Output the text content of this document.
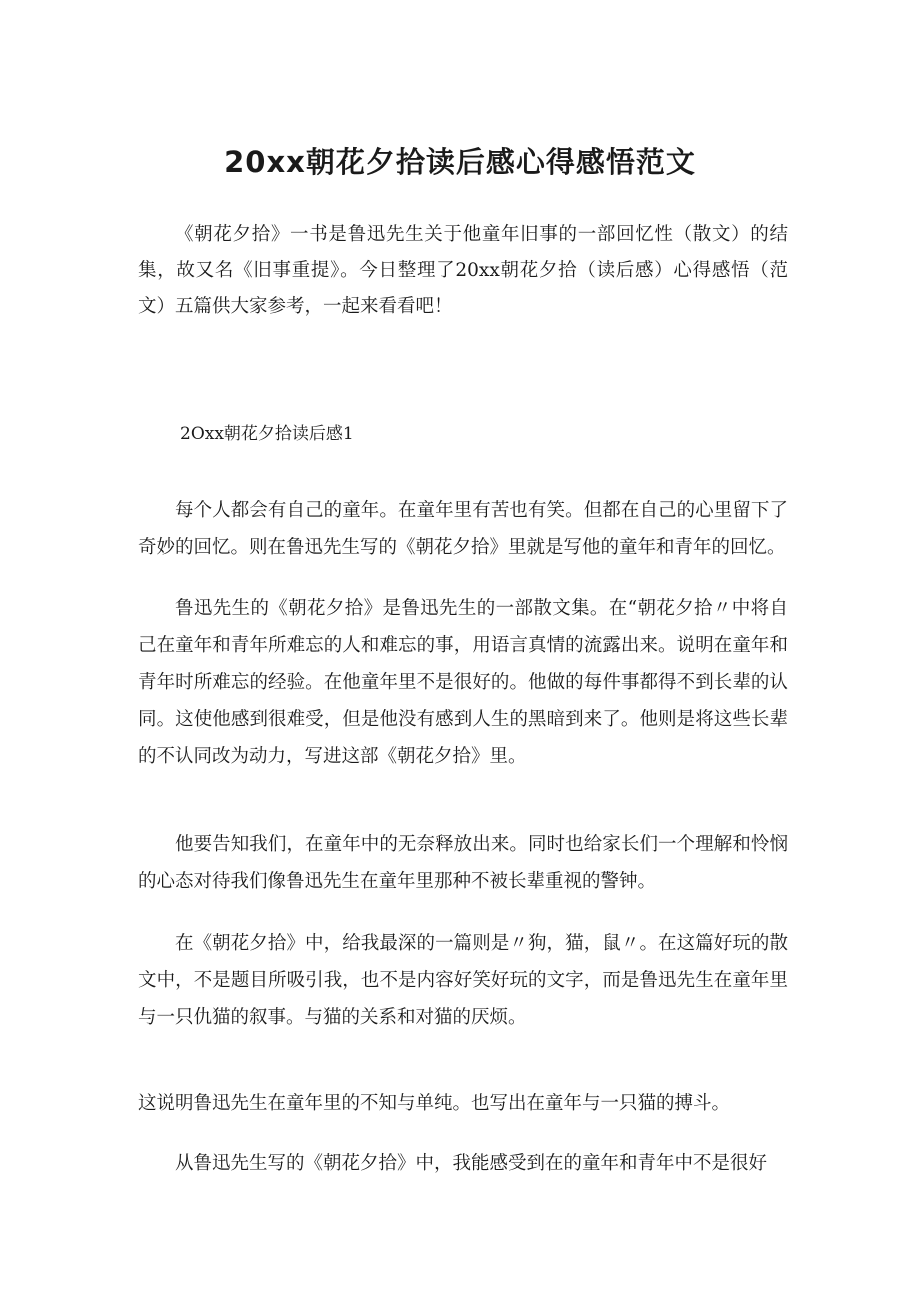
20xx朝花夕拾读后感心得感悟范文

《朝花夕拾》一书是鲁迅先生关于他童年旧事的一部回忆性（散文）的结集，故又名《旧事重提》。今日整理了20xx朝花夕拾（读后感）心得感悟（范文）五篇供大家参考，一起来看看吧！

2Oxx朝花夕拾读后感1

每个人都会有自己的童年。在童年里有苦也有笑。但都在自己的心里留下了奇妙的回忆。则在鲁迅先生写的《朝花夕拾》里就是写他的童年和青年的回忆。

鲁迅先生的《朝花夕拾》是鲁迅先生的一部散文集。在“朝花夕拾〃中将自己在童年和青年所难忘的人和难忘的事，用语言真情的流露出来。说明在童年和青年时所难忘的经验。在他童年里不是很好的。他做的每件事都得不到长辈的认同。这使他感到很难受，但是他没有感到人生的黑暗到来了。他则是将这些长辈的不认同改为动力，写进这部《朝花夕拾》里。

他要告知我们，在童年中的无奈释放出来。同时也给家长们一个理解和怜悯的心态对待我们像鲁迅先生在童年里那种不被长辈重视的警钟。

在《朝花夕拾》中，给我最深的一篇则是〃狗，猫，鼠〃。在这篇好玩的散文中，不是题目所吸引我，也不是内容好笑好玩的文字，而是鲁迅先生在童年里与一只仇猫的叙事。与猫的关系和对猫的厌烦。

这说明鲁迅先生在童年里的不知与单纯。也写出在童年与一只猫的搏斗。

从鲁迅先生写的《朝花夕拾》中，我能感受到在的童年和青年中不是很好
